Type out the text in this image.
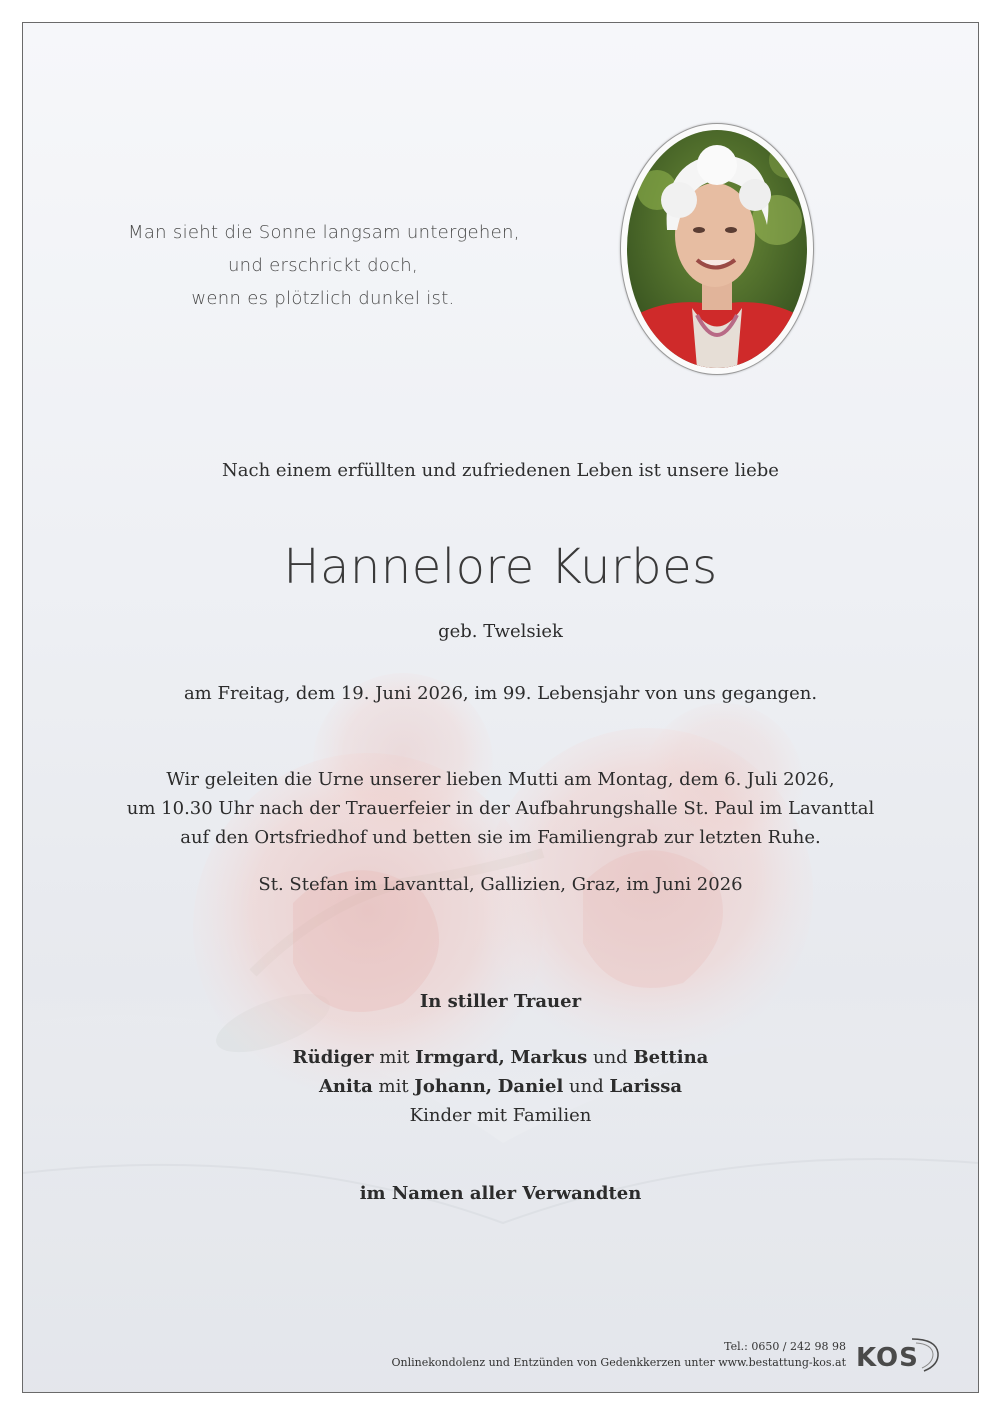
Man sieht die Sonne langsam untergehen,
und erschrickt doch,
wenn es plötzlich dunkel ist.
Nach einem erfüllten und zufriedenen Leben ist unsere liebe
Hannelore Kurbes
geb. Twelsiek
am Freitag, dem 19. Juni 2026, im 99. Lebensjahr von uns gegangen.
Wir geleiten die Urne unserer lieben Mutti am Montag, dem 6. Juli 2026,
um 10.30 Uhr nach der Trauerfeier in der Aufbahrungshalle St. Paul im Lavanttal
auf den Ortsfriedhof und betten sie im Familiengrab zur letzten Ruhe.
St. Stefan im Lavanttal, Gallizien, Graz, im Juni 2026
In stiller Trauer
Rüdiger mit Irmgard, Markus und Bettina
Anita mit Johann, Daniel und Larissa
Kinder mit Familien
im Namen aller Verwandten
Tel.: 0650 / 242 98 98
Onlinekondolenz und Entzünden von Gedenkkerzen unter www.bestattung-kos.at KOS
